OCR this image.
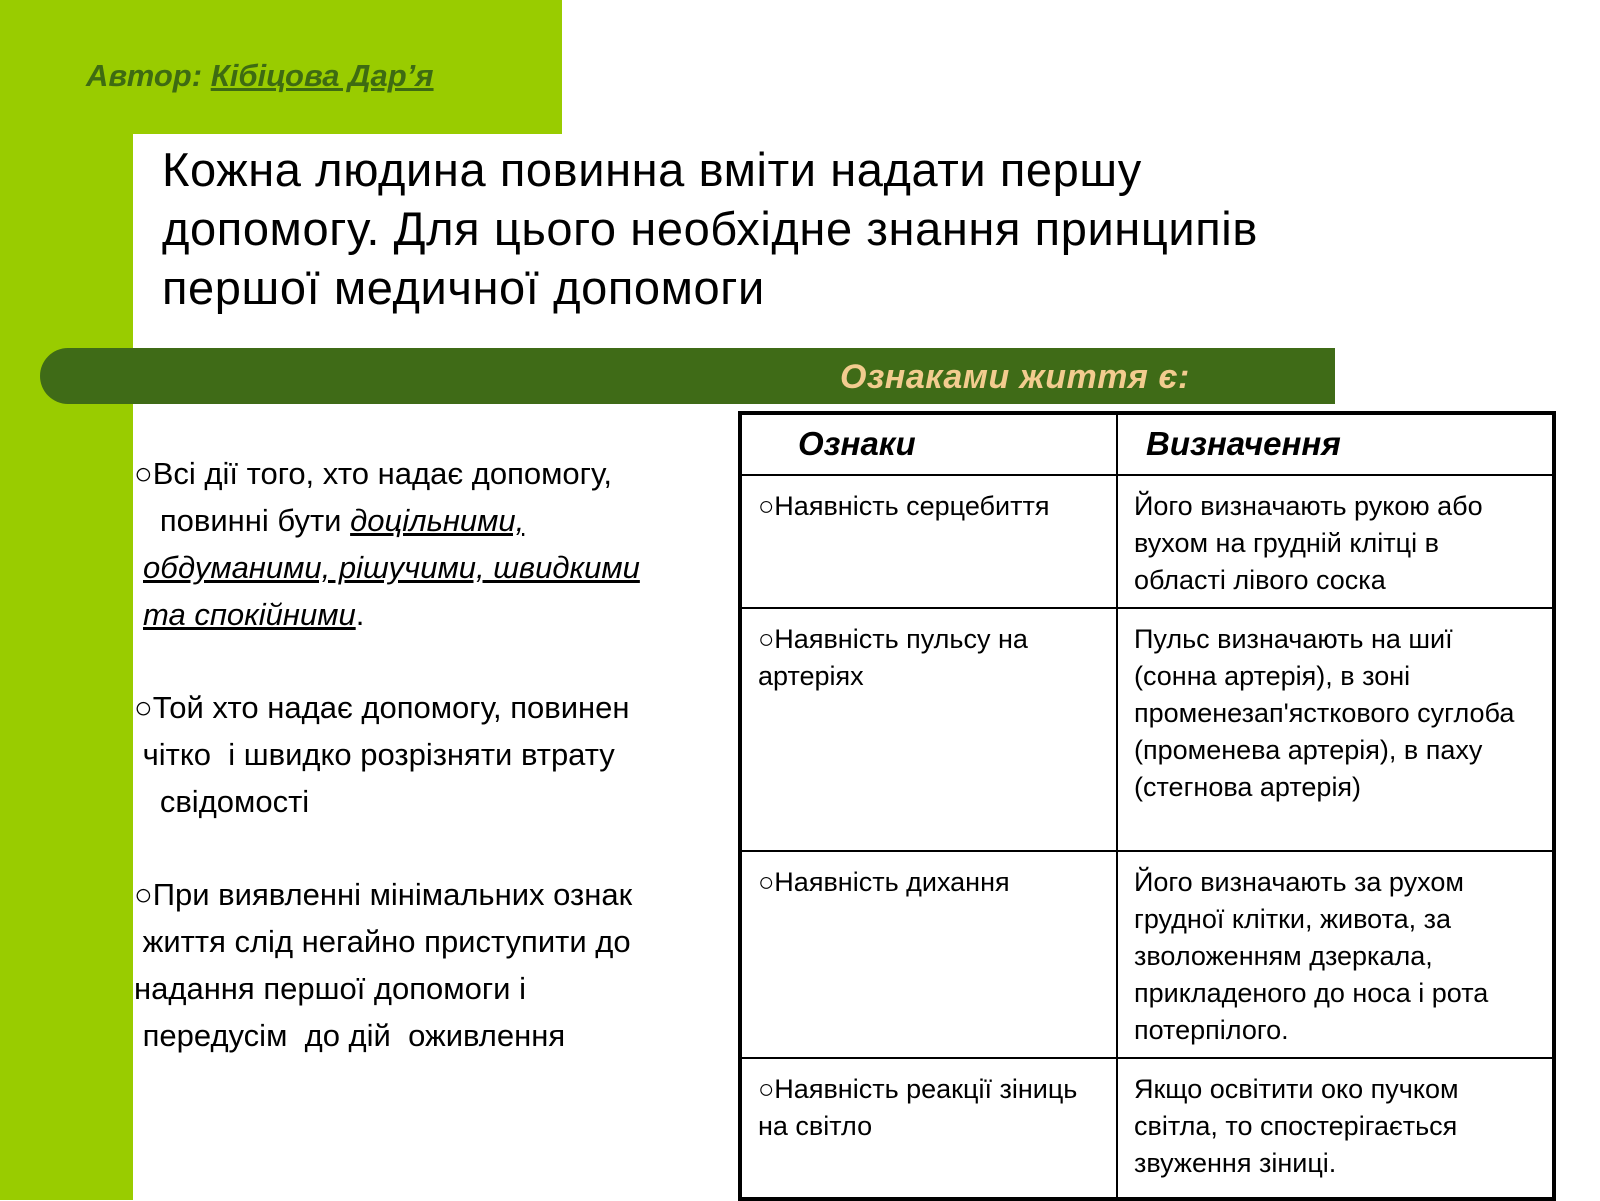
Автор: Кібіцова Дар’я
Кожна людина повинна вміти надати першу
допомогу. Для цього необхідне знання принципів
першої медичної допомоги
Ознаками життя є:

○Всі дії того, хто надає допомогу,

повинні бути доцільними,

обдуманими, рішучими, швидкими

та спокійними.

○Той хто надає допомогу, повинен

чітко  і швидко розрізняти втрату

свідомості

○При виявленні мінімальних ознак

життя слід негайно приступити до

надання першої допомоги і

передусім  до дій  оживлення

Ознаки	Визначення
○Наявність серцебиття	Його визначають рукою або вухом на грудній клітці в області лівого соска
○Наявність пульсу на артеріях	Пульс визначають на шиї (сонна артерія), в зоні променезап'ясткового суглоба (променева артерія), в паху (стегнова артерія)
○Наявність дихання	Його визначають за рухом грудної клітки, живота, за зволоженням дзеркала, прикладеного до носа і рота потерпілого.
○Наявність реакції зіниць на світло	Якщо освітити око пучком світла, то спостерігається звуження зіниці.
